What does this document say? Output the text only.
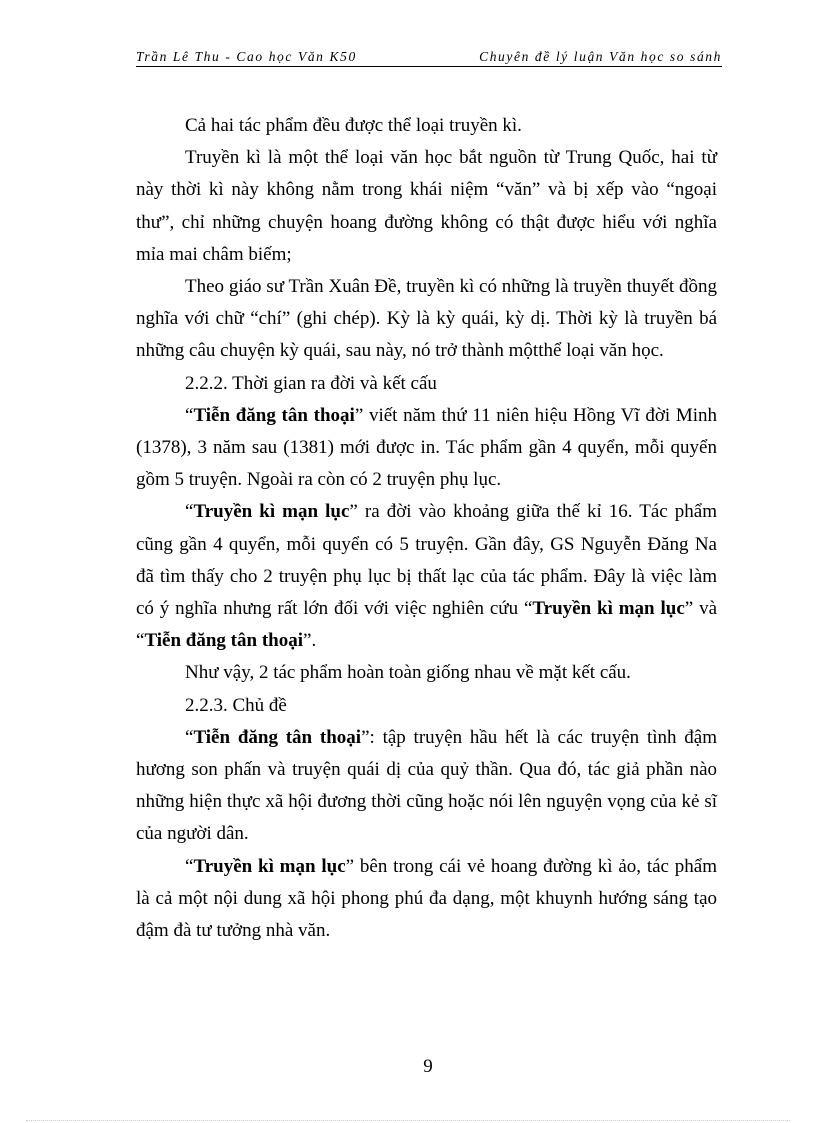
Trần Lê Thu - Cao học Văn K50	Chuyên đề lý luận Văn học so sánh

Cả hai tác phẩm đều được thể loại truyền kì.

Truyền kì là một thể loại văn học bắt nguồn từ Trung Quốc, hai từ này thời kì này không nằm trong khái niệm “văn” và bị xếp vào “ngoại thư”, chỉ những chuyện hoang đường không có thật được hiểu với nghĩa mỉa mai châm biếm;

Theo giáo sư Trần Xuân Đề, truyền kì có những là truyền thuyết đồng nghĩa với chữ “chí” (ghi chép). Kỳ là kỳ quái, kỳ dị. Thời kỳ là truyền bá những câu chuyện kỳ quái, sau này, nó trở thành mộtthể loại văn học.

2.2.2. Thời gian ra đời và kết cấu

“Tiễn đăng tân thoại” viết năm thứ 11 niên hiệu Hồng Vĩ đời Minh (1378), 3 năm sau (1381) mới được in. Tác phẩm gần 4 quyển, mỗi quyển gồm 5 truyện. Ngoài ra còn có 2 truyện phụ lục.

“Truyền kì mạn lục” ra đời vào khoảng giữa thế kỉ 16. Tác phẩm cũng gần 4 quyển, mỗi quyển có 5 truyện. Gần đây, GS Nguyễn Đăng Na đã tìm thấy cho 2 truyện phụ lục bị thất lạc của tác phẩm. Đây là việc làm có ý nghĩa nhưng rất lớn đối với việc nghiên cứu “Truyền kì mạn lục” và “Tiễn đăng tân thoại”.

Như vậy, 2 tác phẩm hoàn toàn giống nhau về mặt kết cấu.

2.2.3. Chủ đề

“Tiễn đăng tân thoại”: tập truyện hầu hết là các truyện tình đậm hương son phấn và truyện quái dị của quỷ thần. Qua đó, tác giả phần nào những hiện thực xã hội đương thời cũng hoặc nói lên nguyện vọng của kẻ sĩ của người dân.

“Truyền kì mạn lục” bên trong cái vẻ hoang đường kì ảo, tác phẩm là cả một nội dung xã hội phong phú đa dạng, một khuynh hướng sáng tạo đậm đà tư tưởng nhà văn.

9
